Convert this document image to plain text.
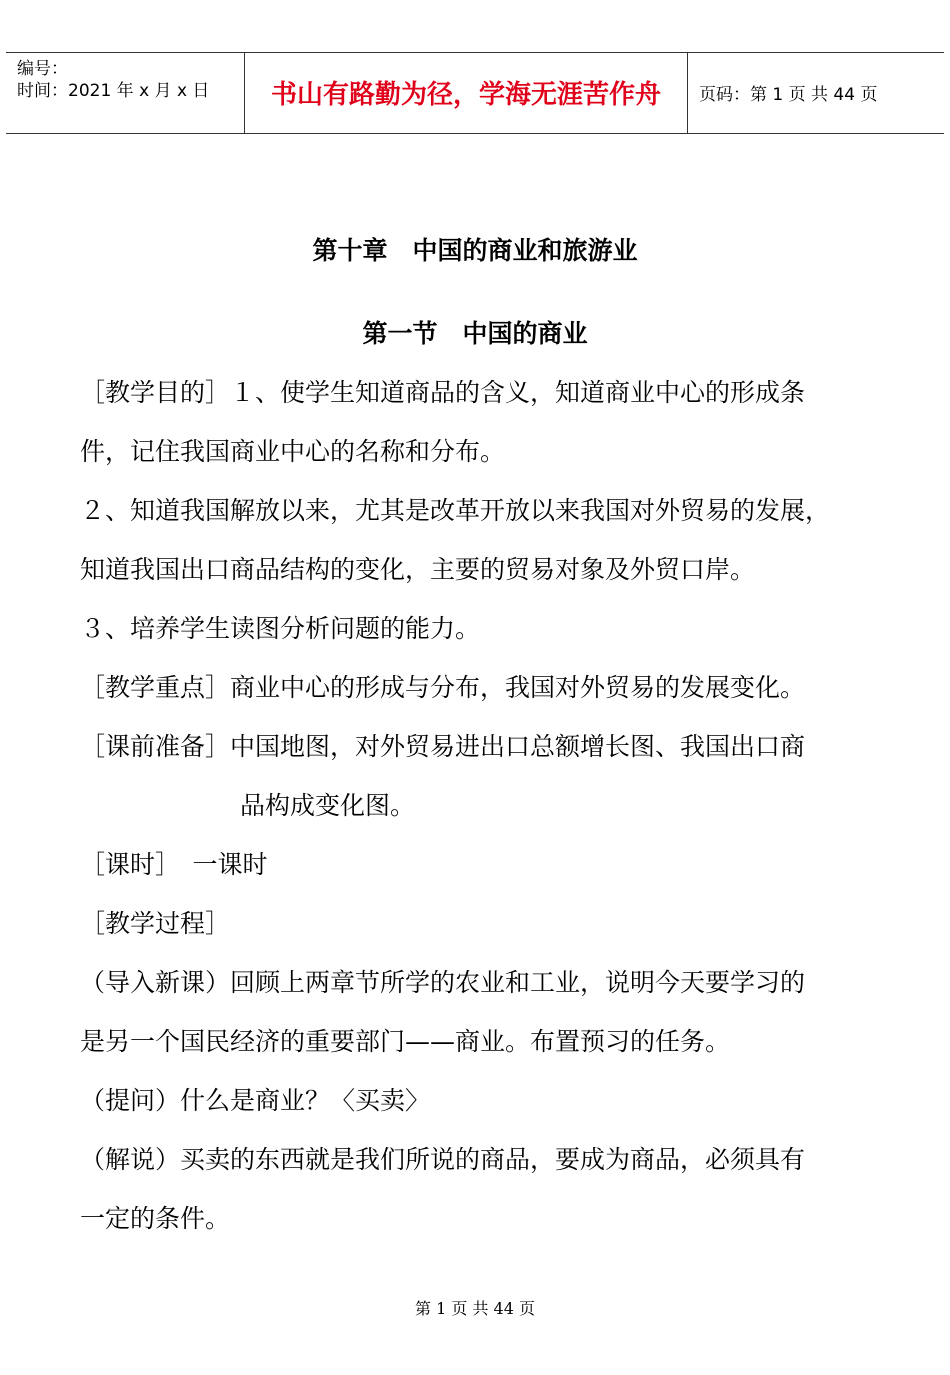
编号：
时间：2021 年 x 月 x 日	书山有路勤为径，学海无涯苦作舟	页码：第 1 页 共 44 页
第十章　中国的商业和旅游业
第一节　中国的商业
［教学目的］１、使学生知道商品的含义，知道商业中心的形成条
件，记住我国商业中心的名称和分布。
２、知道我国解放以来，尤其是改革开放以来我国对外贸易的发展，
知道我国出口商品结构的变化，主要的贸易对象及外贸口岸。
３、培养学生读图分析问题的能力。
［教学重点］商业中心的形成与分布，我国对外贸易的发展变化。
［课前准备］中国地图，对外贸易进出口总额增长图、我国出口商
品构成变化图。
［课时］　一课时
［教学过程］
（导入新课）回顾上两章节所学的农业和工业，说明今天要学习的
是另一个国民经济的重要部门——商业。布置预习的任务。
（提问）什么是商业？〈买卖〉
（解说）买卖的东西就是我们所说的商品，要成为商品，必须具有
一定的条件。
第 1 页 共 44 页
